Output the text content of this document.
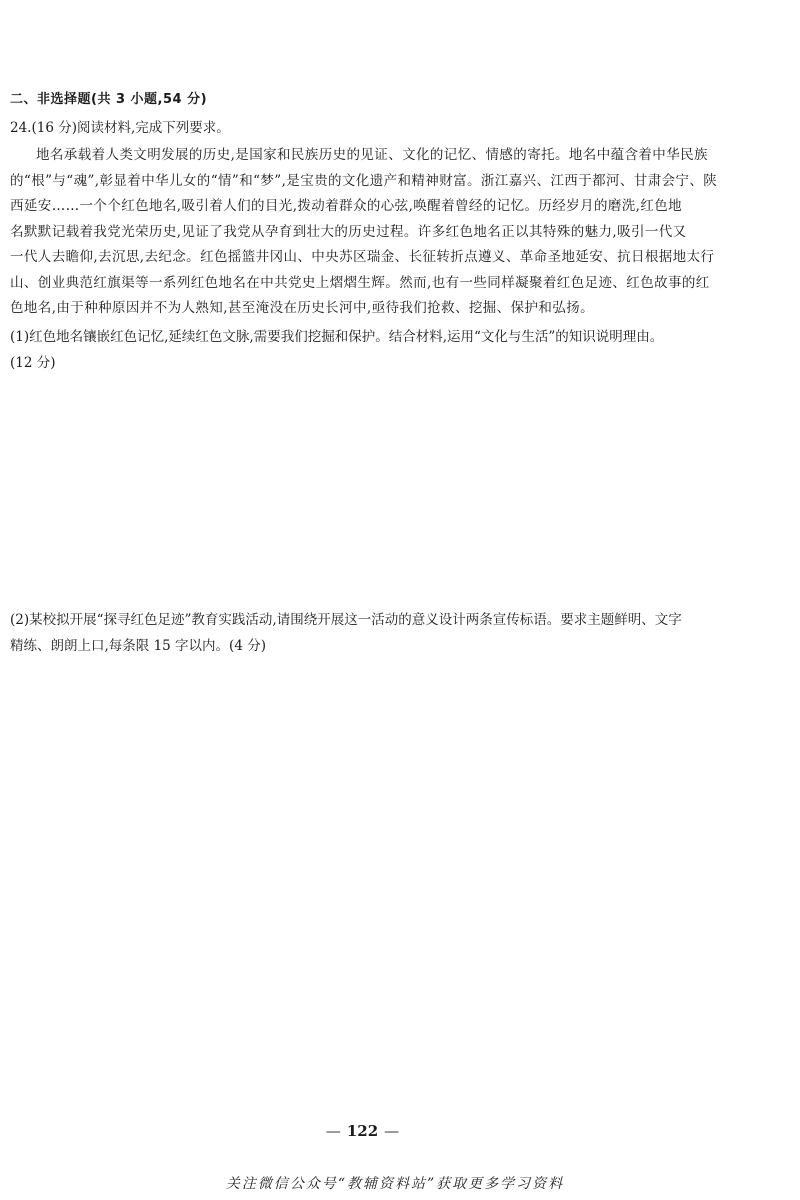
二、非选择题(共 3 小题,54 分)
24.(16 分)阅读材料,完成下列要求。
地名承载着人类文明发展的历史,是国家和民族历史的见证、文化的记忆、情感的寄托。地名中蕴含着中华民族
的“根”与“魂”,彰显着中华儿女的“情”和“梦”,是宝贵的文化遗产和精神财富。浙江嘉兴、江西于都河、甘肃会宁、陕
西延安……一个个红色地名,吸引着人们的目光,拨动着群众的心弦,唤醒着曾经的记忆。历经岁月的磨洗,红色地
名默默记载着我党光荣历史,见证了我党从孕育到壮大的历史过程。许多红色地名正以其特殊的魅力,吸引一代又
一代人去瞻仰,去沉思,去纪念。红色摇篮井冈山、中央苏区瑞金、长征转折点遵义、革命圣地延安、抗日根据地太行
山、创业典范红旗渠等一系列红色地名在中共党史上熠熠生辉。然而,也有一些同样凝聚着红色足迹、红色故事的红
色地名,由于种种原因并不为人熟知,甚至淹没在历史长河中,亟待我们抢救、挖掘、保护和弘扬。
(1)红色地名镶嵌红色记忆,延续红色文脉,需要我们挖掘和保护。结合材料,运用“文化与生活”的知识说明理由。
(12 分)
(2)某校拟开展“探寻红色足迹”教育实践活动,请围绕开展这一活动的意义设计两条宣传标语。要求主题鲜明、文字
精练、朗朗上口,每条限 15 字以内。(4 分)
— 122 —
关注微信公众号“教辅资料站”获取更多学习资料
